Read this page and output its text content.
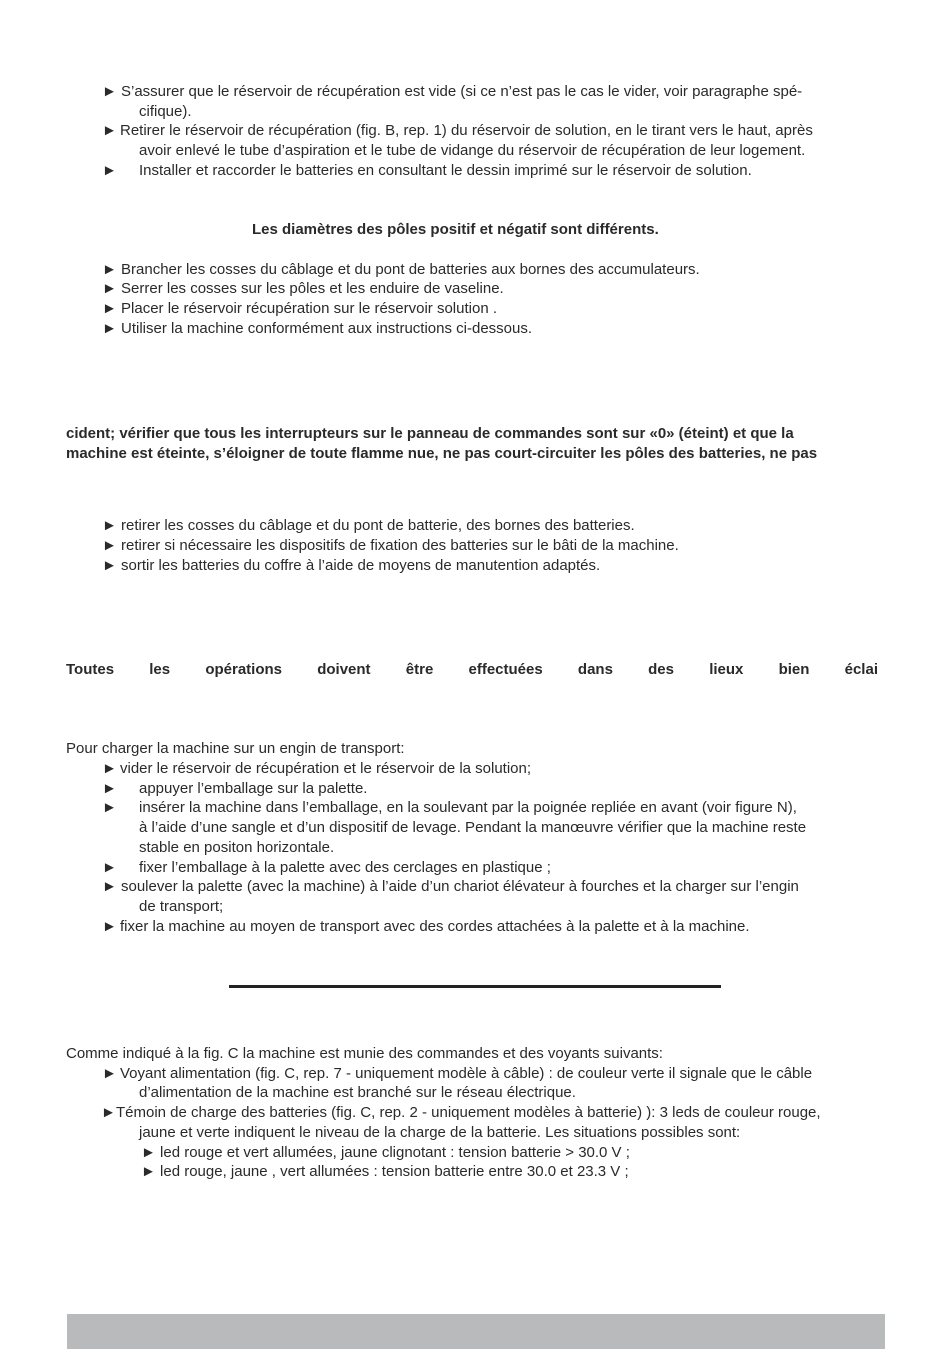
► S’assurer que le réservoir de récupération est vide (si ce n’est pas le cas le vider, voir paragraphe spé-
cifique).
► Retirer le réservoir de récupération (fig. B, rep. 1) du réservoir de solution, en le tirant vers le haut, après
avoir enlevé le tube d’aspiration et le tube de vidange du réservoir de récupération de leur logement.
► Installer et raccorder le batteries en consultant le dessin imprimé sur le réservoir de solution.
Les diamètres des pôles positif et négatif sont différents.
► Brancher les cosses du câblage et du pont de batteries aux bornes des accumulateurs.
► Serrer les cosses sur les pôles et les enduire de vaseline.
► Placer le réservoir récupération sur le réservoir solution .
► Utiliser la machine conformément aux instructions ci-dessous.
cident; vérifier que tous les interrupteurs sur le panneau de commandes sont sur «0» (éteint) et que la
machine est éteinte, s’éloigner de toute flamme nue, ne pas court-circuiter les pôles des batteries, ne pas
► retirer les cosses du câblage et du pont de batterie, des bornes des batteries.
► retirer si nécessaire les dispositifs de fixation des batteries sur le bâti de la machine.
► sortir les batteries du coffre à l’aide de moyens de manutention adaptés.
Toutes les opérations doivent être effectuées dans des lieux bien éclai
Pour charger la machine sur un engin de transport:
► vider le réservoir de récupération et le réservoir de la solution;
► appuyer l’emballage sur la palette.
► insérer la machine dans l’emballage, en la soulevant par la poignée repliée en avant (voir figure N),
à l’aide d’une sangle et d’un dispositif de levage. Pendant la manœuvre vérifier que la machine reste
stable en positon horizontale.
► fixer l’emballage à la palette avec des cerclages en plastique ;
► soulever la palette (avec la machine) à l’aide d’un chariot élévateur à fourches et la charger sur l’engin
de transport;
► fixer la machine au moyen de transport avec des cordes attachées à la palette et à la machine.
Comme indiqué à la fig. C la machine est munie des commandes et des voyants suivants:
► Voyant alimentation (fig. C, rep. 7 - uniquement modèle à câble) : de couleur verte il signale que le câble
d’alimentation de la machine est branché sur le réseau électrique.
► Témoin de charge des batteries (fig. C, rep. 2 - uniquement modèles à batterie) ): 3 leds de couleur rouge,
jaune et verte indiquent le niveau de la charge de la batterie. Les situations possibles sont:
► led rouge et vert allumées, jaune clignotant : tension batterie > 30.0 V ;
► led rouge, jaune , vert allumées : tension batterie entre 30.0 et 23.3 V ;
